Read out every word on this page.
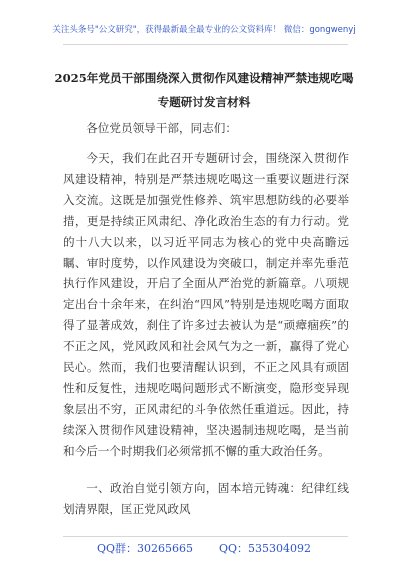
关注头条号"公文研究"，获得最新最全最专业的公文资料库！ 微信：gongwenyj
2025年党员干部围绕深入贯彻作风建设精神严禁违规吃喝
专题研讨发言材料

各位党员领导干部，同志们：

今天，我们在此召开专题研讨会，围绕深入贯彻作风建设精神，特别是严禁违规吃喝这一重要议题进行深入交流。这既是加强党性修养、筑牢思想防线的必要举措，更是持续正风肃纪、净化政治生态的有力行动。党的十八大以来，以习近平同志为核心的党中央高瞻远瞩、审时度势，以作风建设为突破口，制定并率先垂范执行作风建设，开启了全面从严治党的新篇章。八项规定出台十余年来，在纠治“四风”特别是违规吃喝方面取得了显著成效，刹住了许多过去被认为是“顽瘴痼疾”的不正之风，党风政风和社会风气为之一新，赢得了党心民心。然而，我们也要清醒认识到，不正之风具有顽固性和反复性，违规吃喝问题形式不断演变，隐形变异现象层出不穷，正风肃纪的斗争依然任重道远。因此，持续深入贯彻作风建设精神，坚决遏制违规吃喝，是当前和今后一个时期我们必须常抓不懈的重大政治任务。

一、政治自觉引领方向，固本培元铸魂：纪律红线划清界限，匡正党风政风

QQ群：30265665 QQ：535304092
